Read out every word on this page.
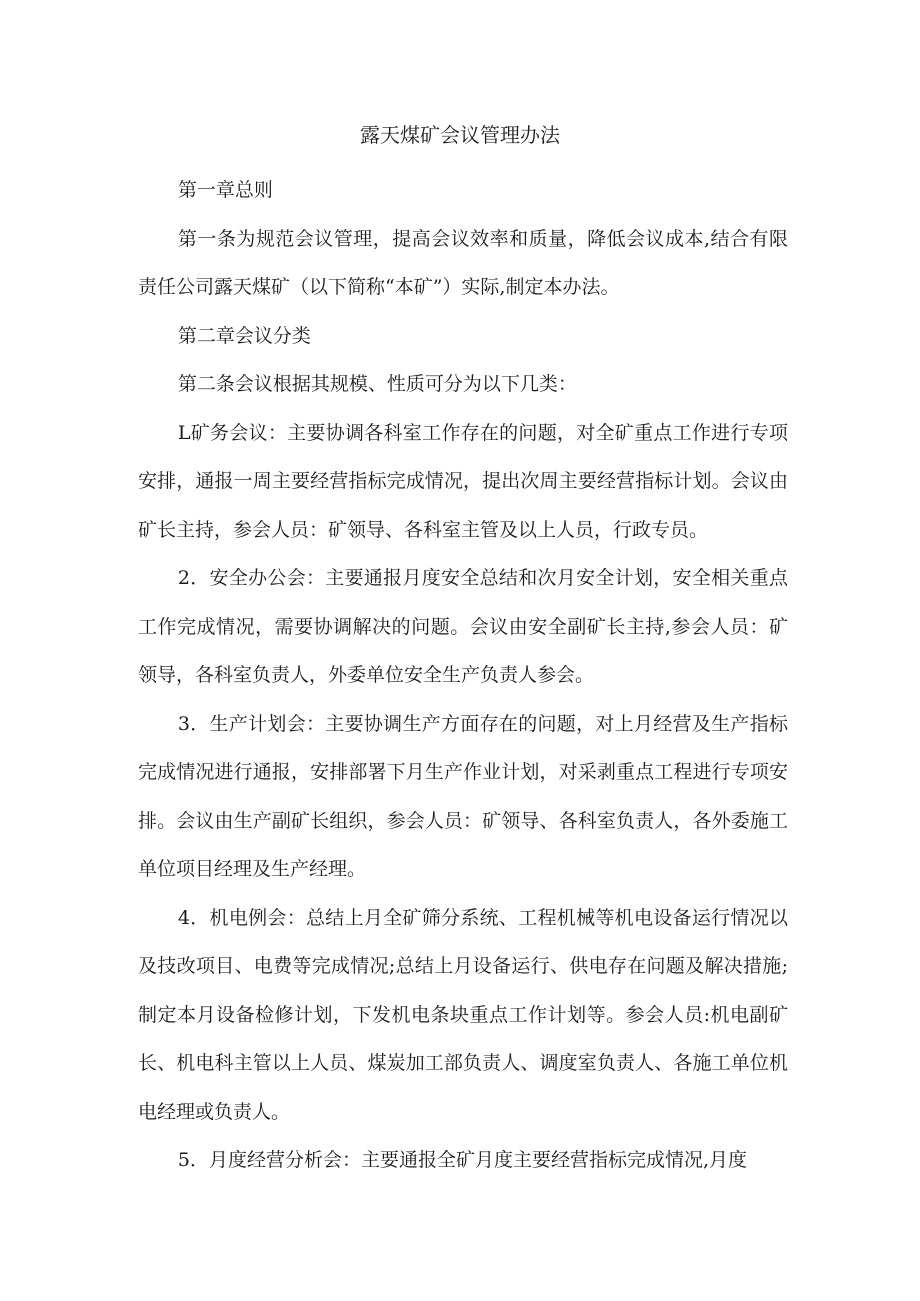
露天煤矿会议管理办法

第一章总则

第一条为规范会议管理，提高会议效率和质量，降低会议成本,结合有限责任公司露天煤矿（以下简称“本矿”）实际,制定本办法。

第二章会议分类

第二条会议根据其规模、性质可分为以下几类：

L矿务会议：主要协调各科室工作存在的问题，对全矿重点工作进行专项安排，通报一周主要经营指标完成情况，提出次周主要经营指标计划。会议由矿长主持，参会人员：矿领导、各科室主管及以上人员，行政专员。

2．安全办公会：主要通报月度安全总结和次月安全计划，安全相关重点工作完成情况，需要协调解决的问题。会议由安全副矿长主持,参会人员：矿领导，各科室负责人，外委单位安全生产负责人参会。

3．生产计划会：主要协调生产方面存在的问题，对上月经营及生产指标完成情况进行通报，安排部署下月生产作业计划，对采剥重点工程进行专项安排。会议由生产副矿长组织，参会人员：矿领导、各科室负责人，各外委施工单位项目经理及生产经理。

4．机电例会：总结上月全矿筛分系统、工程机械等机电设备运行情况以及技改项目、电费等完成情况;总结上月设备运行、供电存在问题及解决措施;制定本月设备检修计划，下发机电条块重点工作计划等。参会人员:机电副矿长、机电科主管以上人员、煤炭加工部负责人、调度室负责人、各施工单位机电经理或负责人。

5．月度经营分析会：主要通报全矿月度主要经营指标完成情况,月度
